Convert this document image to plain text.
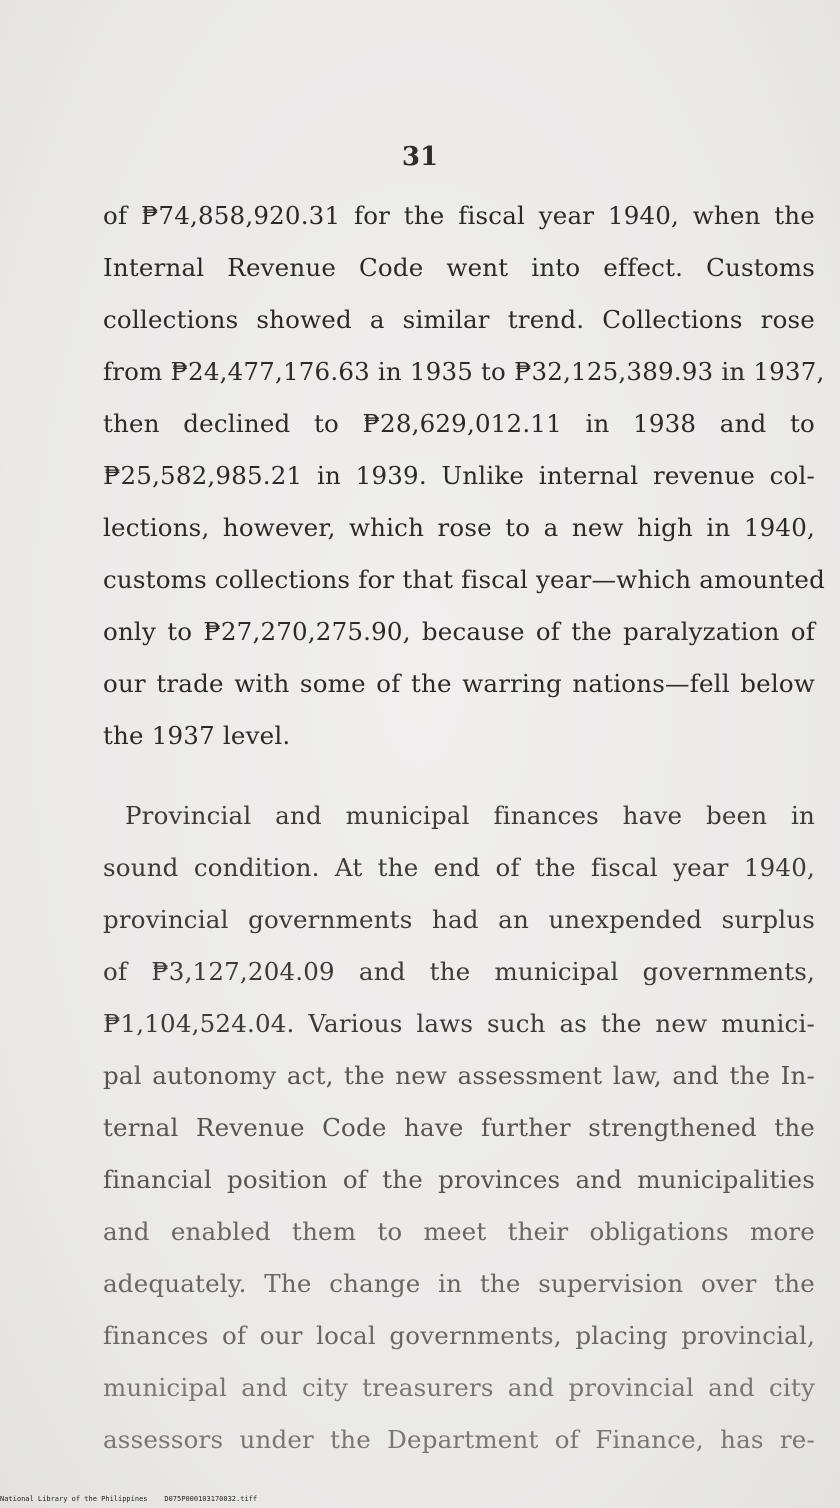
31
of ₱74,858,920.31 for the fiscal year 1940, when the
Internal Revenue Code went into effect. Customs
collections showed a similar trend. Collections rose
from ₱24,477,176.63 in 1935 to ₱32,125,389.93 in 1937,
then declined to ₱28,629,012.11 in 1938 and to
₱25,582,985.21 in 1939. Unlike internal revenue col-
lections, however, which rose to a new high in 1940,
customs collections for that fiscal year—which amounted
only to ₱27,270,275.90, because of the paralyzation of
our trade with some of the warring nations—fell below
the 1937 level.
Provincial and municipal finances have been in
sound condition. At the end of the fiscal year 1940,
provincial governments had an unexpended surplus
of ₱3,127,204.09 and the municipal governments,
₱1,104,524.04. Various laws such as the new munici-
pal autonomy act, the new assessment law, and the In-
ternal Revenue Code have further strengthened the
financial position of the provinces and municipalities
and enabled them to meet their obligations more
adequately. The change in the supervision over the
finances of our local governments, placing provincial,
municipal and city treasurers and provincial and city
assessors under the Department of Finance, has re-
National Library of the Philippines D075P000103170032.tiff
